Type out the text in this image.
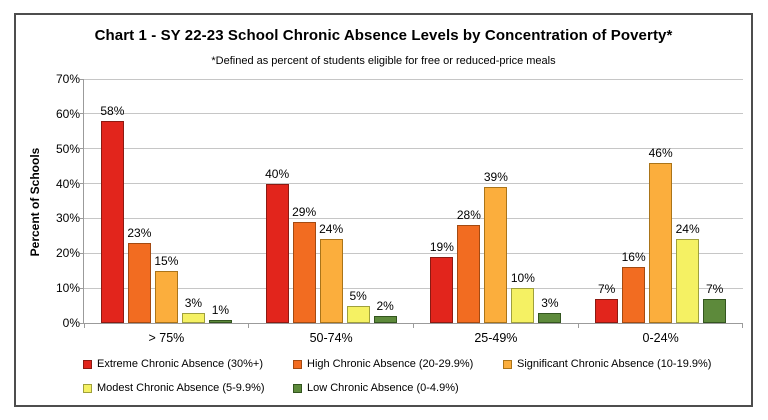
Chart 1 - SY 22-23 School Chronic Absence Levels by Concentration of Poverty*
*Defined as percent of students eligible for free or reduced-price meals
Percent of Schools
0%
10%
20%
30%
40%
50%
60%
70%
58%
23%
15%
3% 1%
> 75%
40%
29%
24%
5%
2%
50-74%
19%
28%
39%
10%
3%
25-49%
7%
16%
46%
24%
7%
0-24%
Extreme Chronic Absence (30%+)	High Chronic Absence (20-29.9%)	Significant Chronic Absence (10-19.9%)
Modest Chronic Absence (5-9.9%)	Low Chronic Absence (0-4.9%)
